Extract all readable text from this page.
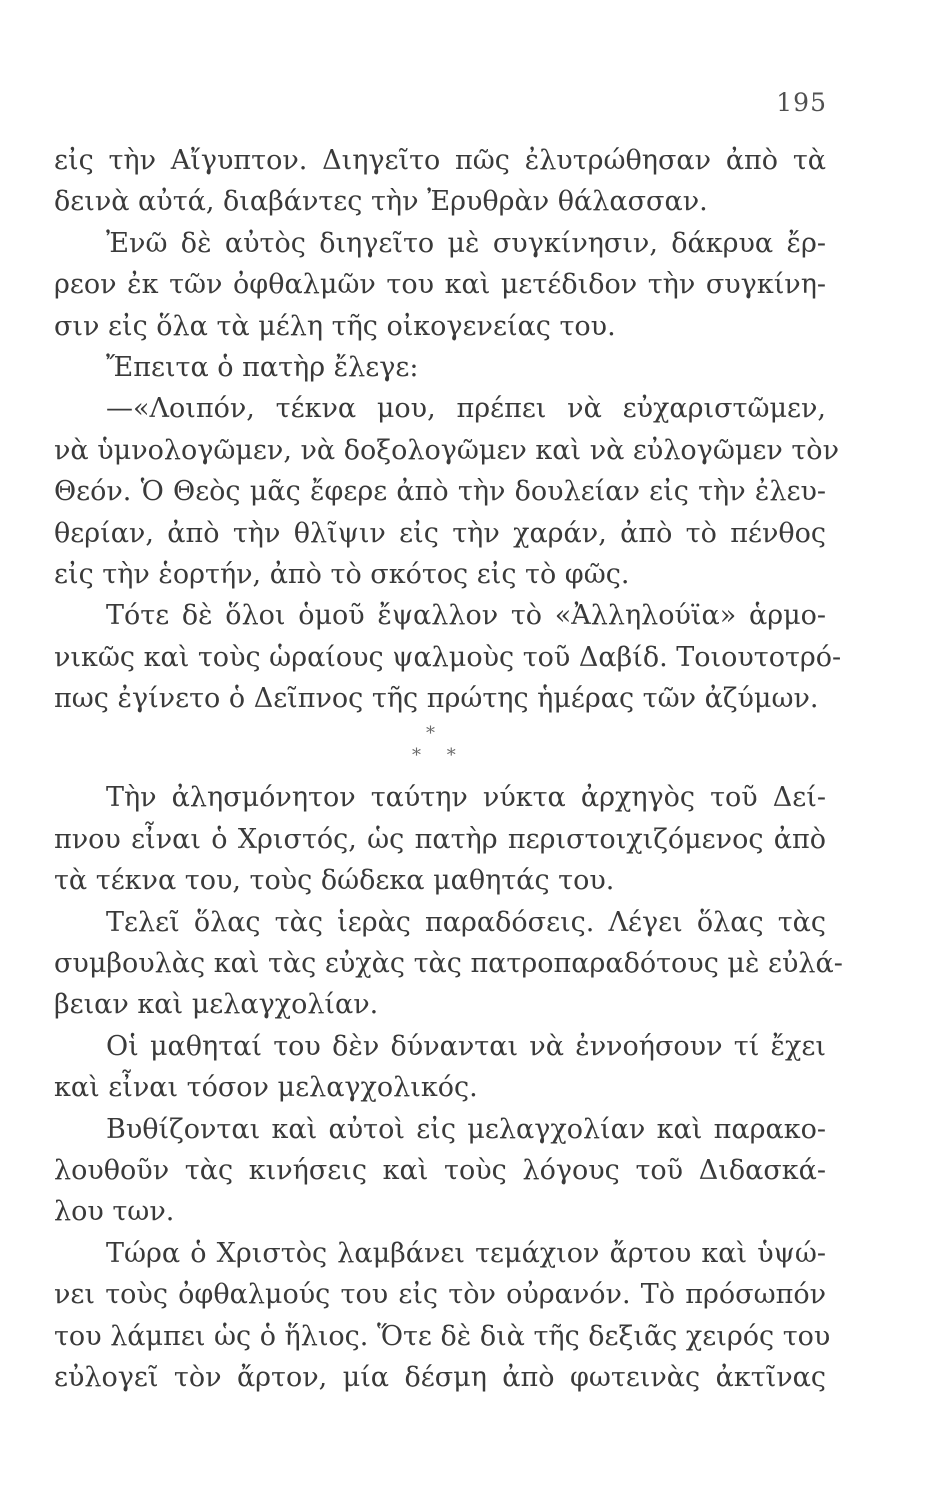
195
εἰς τὴν Αἴγυπτον. Διηγεῖτο πῶς ἐλυτρώθησαν ἀπὸ τὰ
δεινὰ αὐτά, διαβάντες τὴν Ἐρυθρὰν θάλασσαν.
Ἐνῶ δὲ αὐτὸς διηγεῖτο μὲ συγκίνησιν, δάκρυα ἔρ-
ρεον ἐκ τῶν ὀφθαλμῶν του καὶ μετέδιδον τὴν συγκίνη-
σιν εἰς ὅλα τὰ μέλη τῆς οἰκογενείας του.
Ἔπειτα ὁ πατὴρ ἔλεγε:
—«Λοιπόν, τέκνα μου, πρέπει νὰ εὐχαριστῶμεν,
νὰ ὑμνολογῶμεν, νὰ δοξολογῶμεν καὶ νὰ εὐλογῶμεν τὸν
Θεόν. Ὁ Θεὸς μᾶς ἔφερε ἀπὸ τὴν δουλείαν εἰς τὴν ἐλευ-
θερίαν, ἀπὸ τὴν θλῖψιν εἰς τὴν χαράν, ἀπὸ τὸ πένθος
εἰς τὴν ἑορτήν, ἀπὸ τὸ σκότος εἰς τὸ φῶς.
Τότε δὲ ὅλοι ὁμοῦ ἔψαλλον τὸ «Ἀλληλούϊα» ἁρμο-
νικῶς καὶ τοὺς ὡραίους ψαλμοὺς τοῦ Δαβίδ. Τοιουτοτρό-
πως ἐγίνετο ὁ Δεῖπνος τῆς πρώτης ἡμέρας τῶν ἀζύμων.
*
* *
Τὴν ἀλησμόνητον ταύτην νύκτα ἀρχηγὸς τοῦ Δεί-
πνου εἶναι ὁ Χριστός, ὡς πατὴρ περιστοιχιζόμενος ἀπὸ
τὰ τέκνα του, τοὺς δώδεκα μαθητάς του.
Τελεῖ ὅλας τὰς ἱερὰς παραδόσεις. Λέγει ὅλας τὰς
συμβουλὰς καὶ τὰς εὐχὰς τὰς πατροπαραδότους μὲ εὐλά-
βειαν καὶ μελαγχολίαν.
Οἱ μαθηταί του δὲν δύνανται νὰ ἐννοήσουν τί ἔχει
καὶ εἶναι τόσον μελαγχολικός.
Βυθίζονται καὶ αὐτοὶ εἰς μελαγχολίαν καὶ παρακο-
λουθοῦν τὰς κινήσεις καὶ τοὺς λόγους τοῦ Διδασκά-
λου των.
Τώρα ὁ Χριστὸς λαμβάνει τεμάχιον ἄρτου καὶ ὑψώ-
νει τοὺς ὀφθαλμούς του εἰς τὸν οὐρανόν. Τὸ πρόσωπόν
του λάμπει ὡς ὁ ἥλιος. Ὅτε δὲ διὰ τῆς δεξιᾶς χειρός του
εὐλογεῖ τὸν ἄρτον, μία δέσμη ἀπὸ φωτεινὰς ἀκτῖνας
